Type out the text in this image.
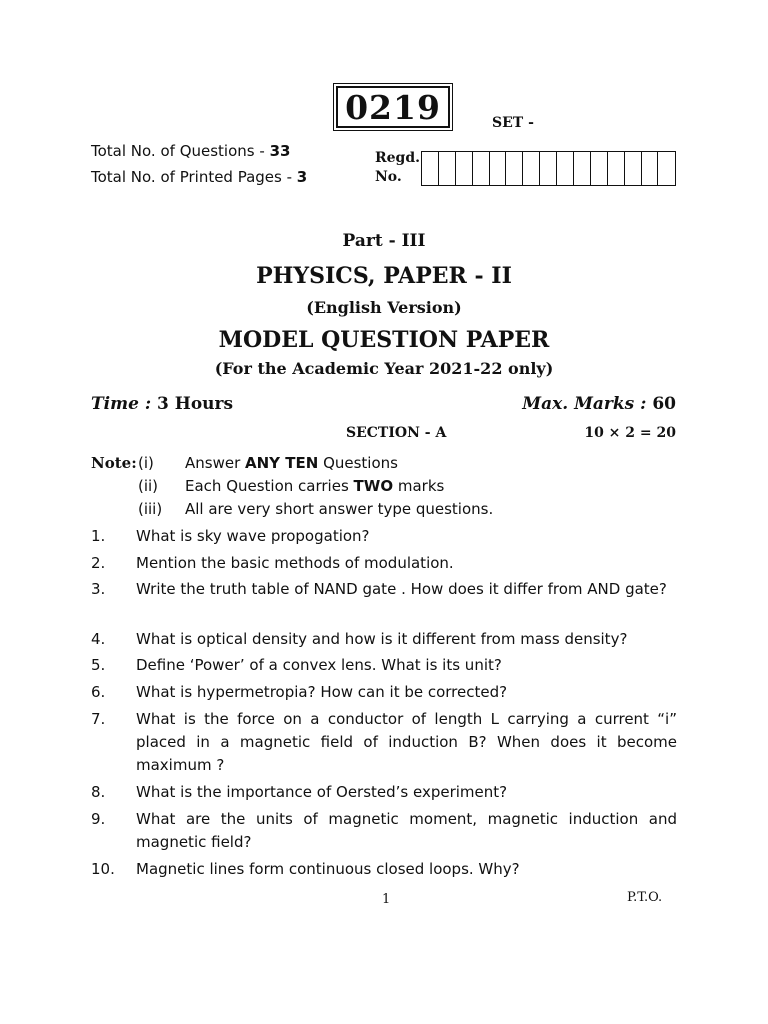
0219	SET -
Total No. of Questions - 33
Total No. of Printed Pages - 3
Regd.
No.
Part - III
PHYSICS, PAPER - II
(English Version)
MODEL QUESTION PAPER
(For the Academic Year 2021-22 only)
Time : 3 Hours	Max. Marks : 60
SECTION - A	10 × 2 = 20
Note: (i) Answer ANY TEN Questions
(ii) Each Question carries TWO marks
(iii) All are very short answer type questions.
1. What is sky wave propogation?
2. Mention the basic methods of modulation.
3. Write the truth table of NAND gate . How does it differ from AND gate?
4. What is optical density and how is it different from mass density?
5. Define ‘Power’ of a convex lens. What is its unit?
6. What is hypermetropia? How can it be corrected?
7. What is the force on a conductor of length L carrying a current “i” placed in a magnetic field of induction B? When does it become maximum ?
8. What is the importance of Oersted’s experiment?
9. What are the units of magnetic moment, magnetic induction and magnetic field?
10. Magnetic lines form continuous closed loops. Why?
1	P.T.O.
